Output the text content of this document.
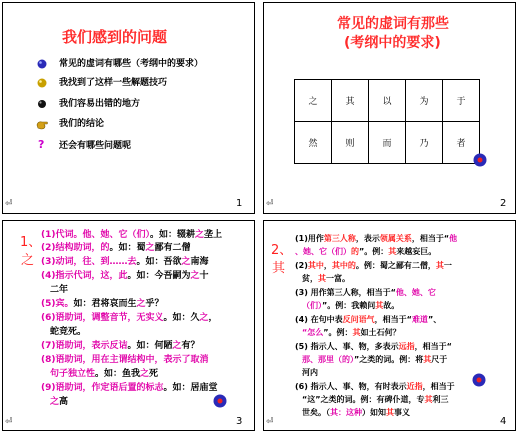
我们感到的问题
常见的虚词有哪些（考纲中的要求）
我找到了这样一些解题技巧
我们容易出错的地方
我们的结论
? 还会有哪些问题呢
⏎	1
常见的虚词有那些
(考纲中的要求)
之	其	以	为	于
然	则	而	乃	者
⏎	2
1、
之
(1)代词。他、她、它（们）。如：辍耕之垄上
(2)结构助词，的。如：蜀之鄙有二僧
(3)动词，往、到……去。如：吾欲之南海
(4)指示代词，这，此。如：今吾嗣为之十
二年
(5)宾。如：君将哀而生之乎？
(6)语助词，调整音节，无实义。如：久之，
蛇竞死。
(7)语助词，表示反诘。如：何陋之有？
(8)语助词，用在主谓结构中，表示了取消
句子独立性。如：鱼我之死
(9)语助词，作定语后置的标志。如：居庙堂
之高
⏎	3
2、
其
(1)用作第三人称，表示领属关系，相当于“他
、她、它（们）的”。例：其来越妄巨。
(2)其中，其中的。例：蜀之鄙有二僧，其一
贫，其一富。
(3) 用作第三人称，相当于“他、她、它
（们）”。例：我赖问其故。
(4) 在句中表反问语气，相当于“难道”、
“怎么”。例：其如土石何？
(5) 指示人、事、物，多表示远指，相当于“
那、那里（的）”之类的词。例：将其尺于
河内
(6) 指示人、事、物，有时表示近指，相当于
“这”之类的词。例：有碑仆道，专其利三
世矣。（其：这种）如知其事义
⏎	4
